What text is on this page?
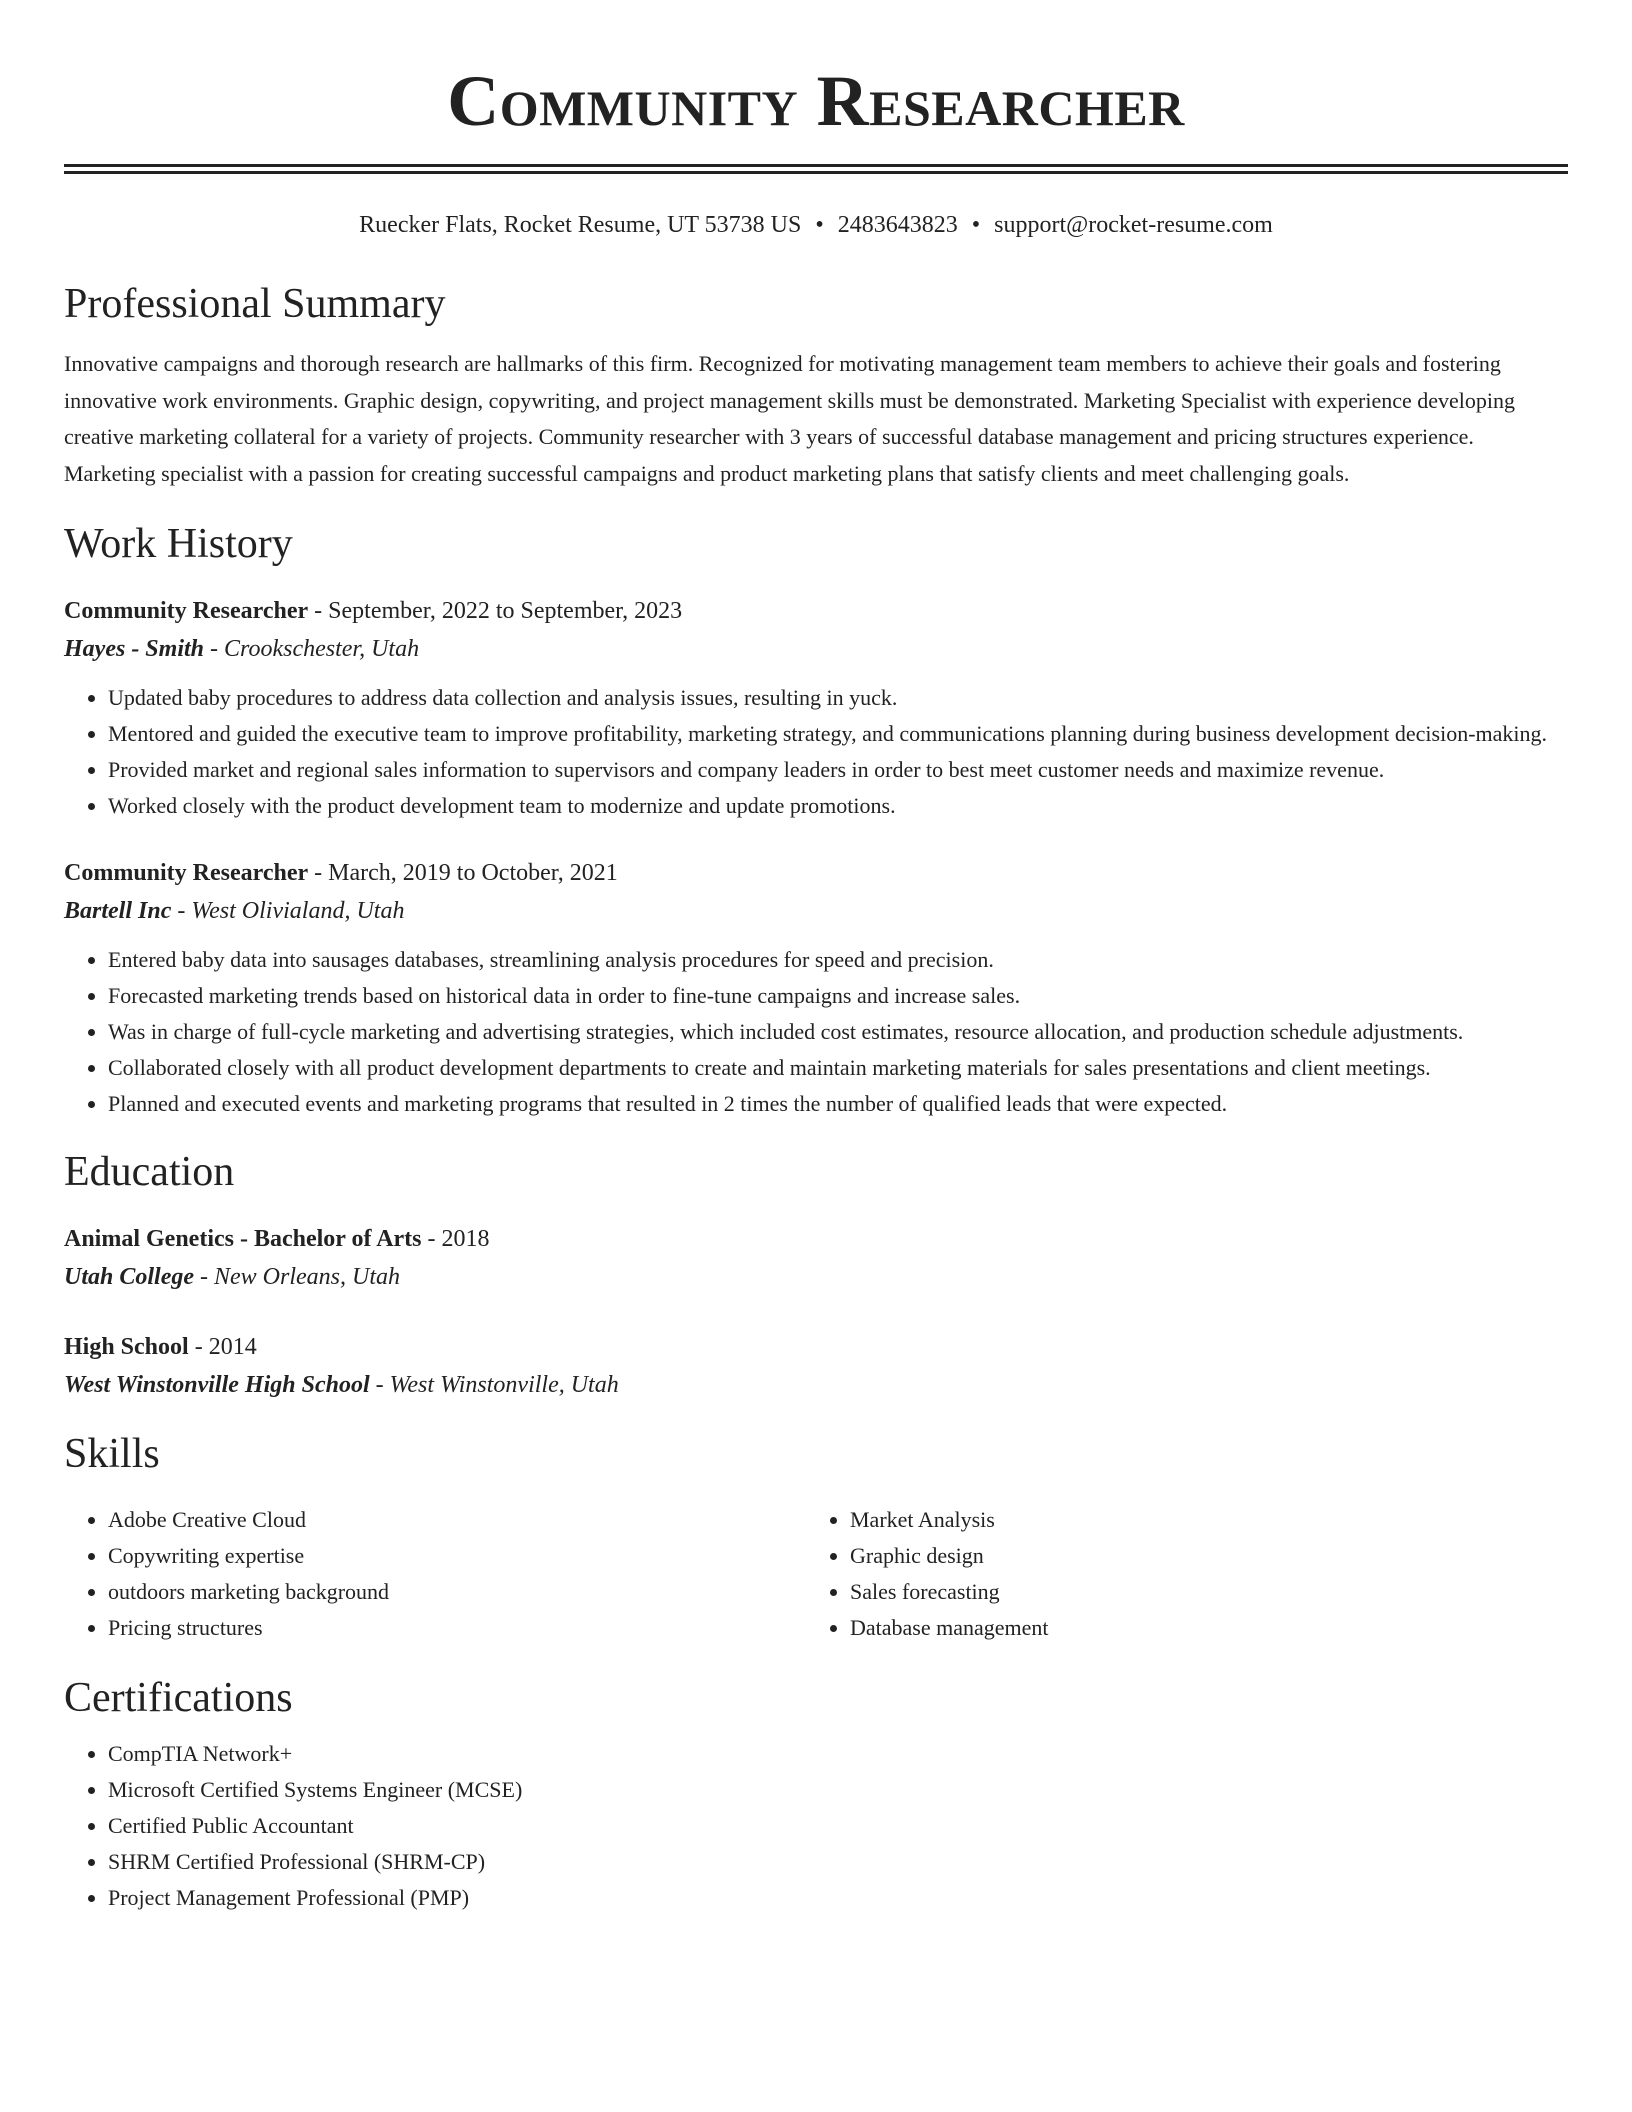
Community Researcher
Ruecker Flats, Rocket Resume, UT 53738 US • 2483643823 • support@rocket-resume.com
Professional Summary

Innovative campaigns and thorough research are hallmarks of this firm. Recognized for motivating management team members to achieve their goals and fostering innovative work environments. Graphic design, copywriting, and project management skills must be demonstrated. Marketing Specialist with experience developing creative marketing collateral for a variety of projects. Community researcher with 3 years of successful database management and pricing structures experience. Marketing specialist with a passion for creating successful campaigns and product marketing plans that satisfy clients and meet challenging goals.

Work History
Community Researcher - September, 2022 to September, 2023
Hayes - Smith - Crookschester, Utah
• Updated baby procedures to address data collection and analysis issues, resulting in yuck.
• Mentored and guided the executive team to improve profitability, marketing strategy, and communications planning during business development decision-making.
• Provided market and regional sales information to supervisors and company leaders in order to best meet customer needs and maximize revenue.
• Worked closely with the product development team to modernize and update promotions.
Community Researcher - March, 2019 to October, 2021
Bartell Inc - West Olivialand, Utah
• Entered baby data into sausages databases, streamlining analysis procedures for speed and precision.
• Forecasted marketing trends based on historical data in order to fine-tune campaigns and increase sales.
• Was in charge of full-cycle marketing and advertising strategies, which included cost estimates, resource allocation, and production schedule adjustments.
• Collaborated closely with all product development departments to create and maintain marketing materials for sales presentations and client meetings.
• Planned and executed events and marketing programs that resulted in 2 times the number of qualified leads that were expected.
Education
Animal Genetics - Bachelor of Arts - 2018
Utah College - New Orleans, Utah
High School - 2014
West Winstonville High School - West Winstonville, Utah
Skills
• Adobe Creative Cloud
• Copywriting expertise
• outdoors marketing background
• Pricing structures
• Market Analysis
• Graphic design
• Sales forecasting
• Database management
Certifications
• CompTIA Network+
• Microsoft Certified Systems Engineer (MCSE)
• Certified Public Accountant
• SHRM Certified Professional (SHRM-CP)
• Project Management Professional (PMP)
